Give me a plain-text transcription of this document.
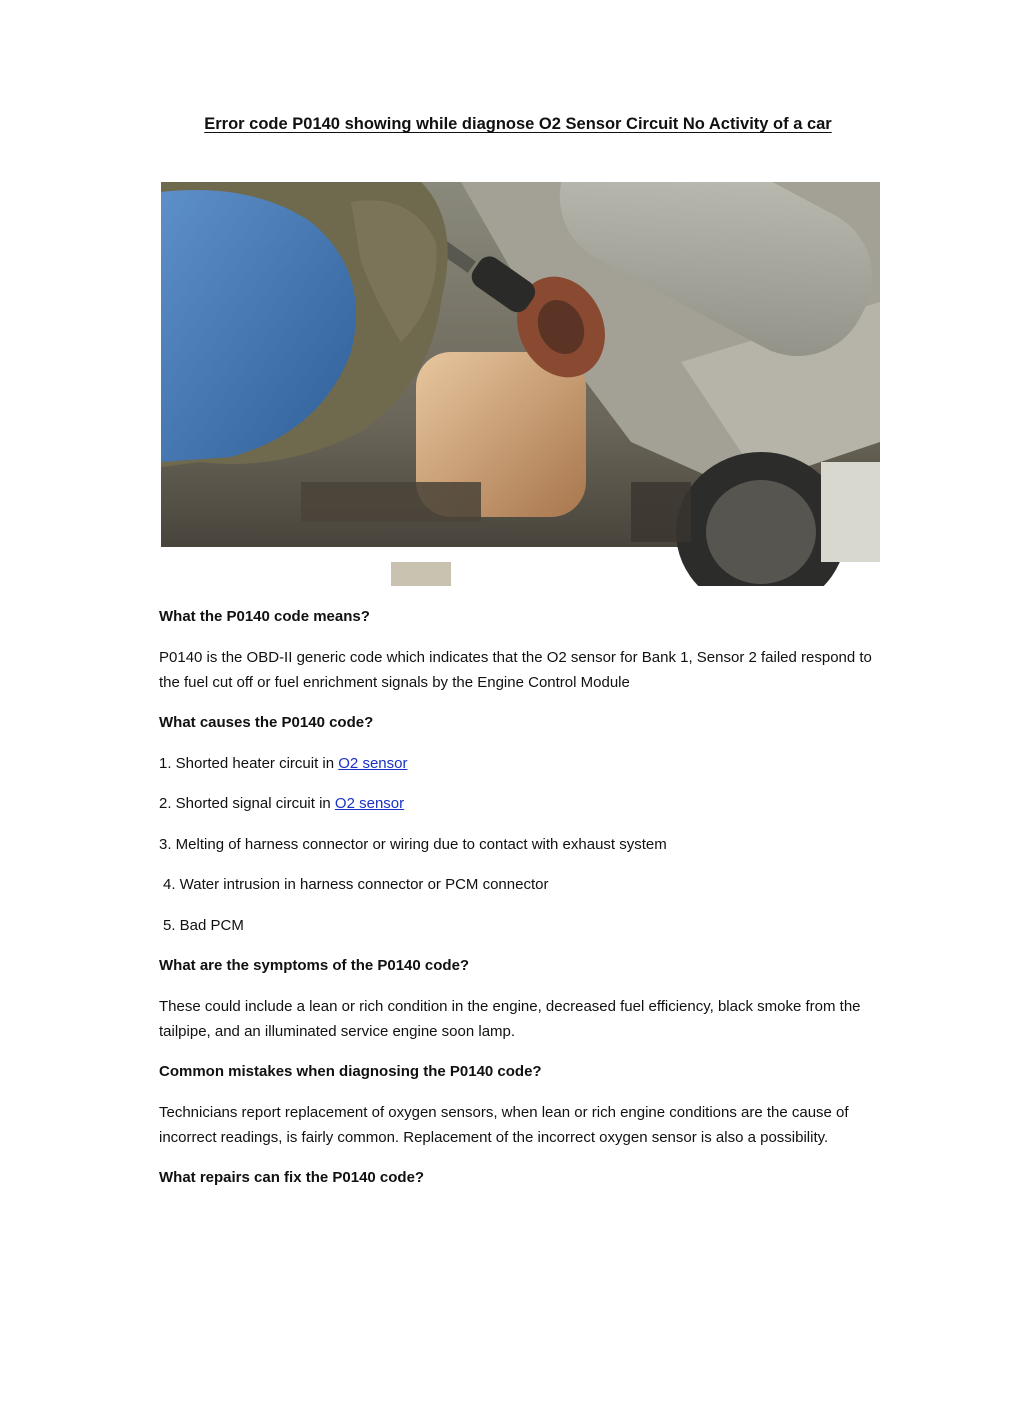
Error code P0140 showing while diagnose O2 Sensor Circuit No Activity of a car

What the P0140 code means?

P0140 is the OBD-II generic code which indicates that the O2 sensor for Bank 1, Sensor 2 failed respond to the fuel cut off or fuel enrichment signals by the Engine Control Module

What causes the P0140 code?

1. Shorted heater circuit in O2 sensor

2. Shorted signal circuit in O2 sensor

3. Melting of harness connector or wiring due to contact with exhaust system

4. Water intrusion in harness connector or PCM connector

5. Bad PCM

What are the symptoms of the P0140 code?

These could include a lean or rich condition in the engine, decreased fuel efficiency, black smoke from the tailpipe, and an illuminated service engine soon lamp.

Common mistakes when diagnosing the P0140 code?

Technicians report replacement of oxygen sensors, when lean or rich engine conditions are the cause of incorrect readings, is fairly common. Replacement of the incorrect oxygen sensor is also a possibility.

What repairs can fix the P0140 code?
